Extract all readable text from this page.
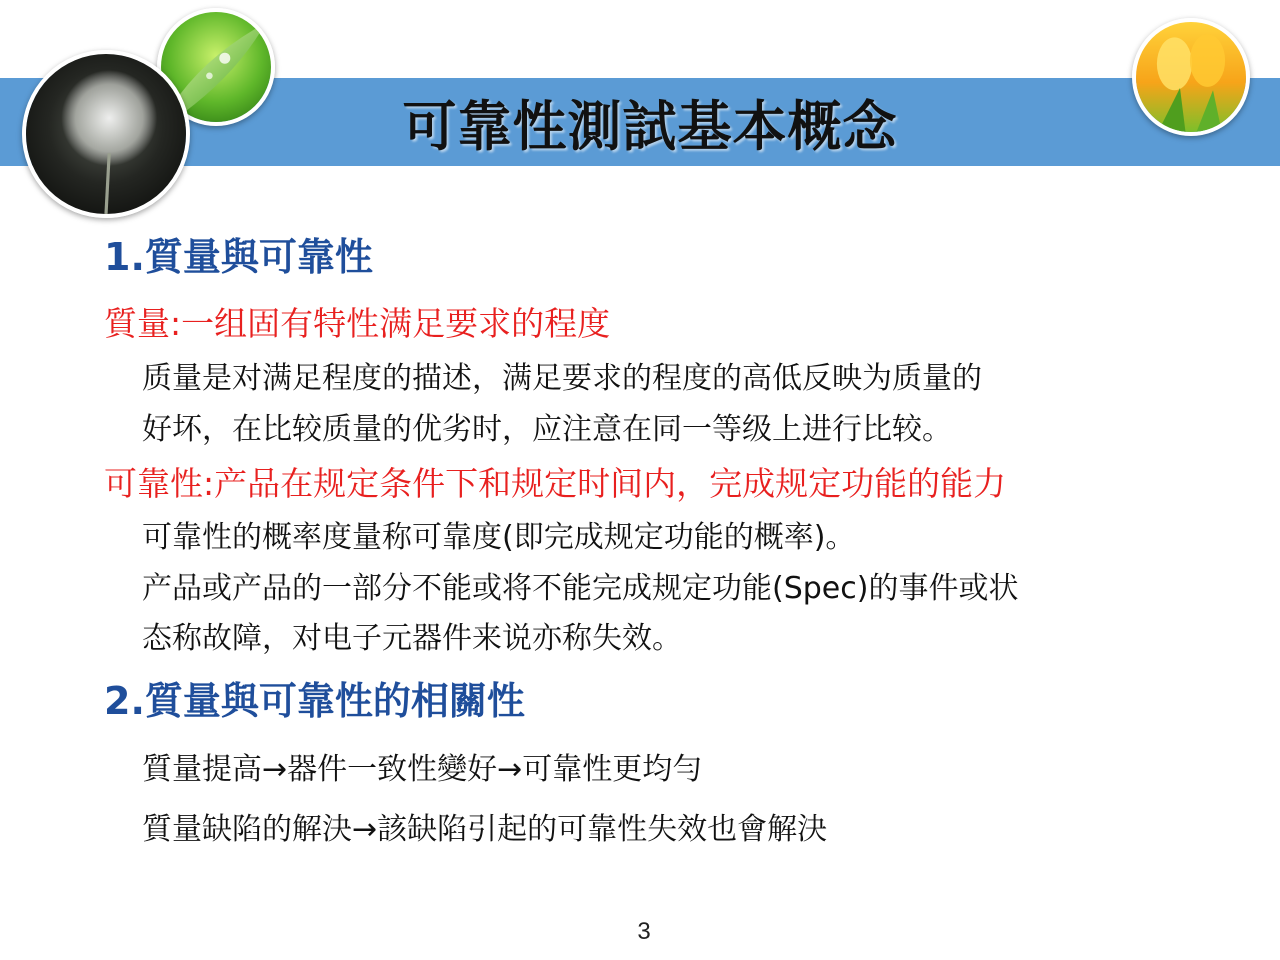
可靠性測試基本概念
1.質量與可靠性
質量:一组固有特性满足要求的程度
质量是对满足程度的描述，满足要求的程度的高低反映为质量的
好坏，在比较质量的优劣时，应注意在同一等级上进行比较。
可靠性:产品在规定条件下和规定时间内，完成规定功能的能力
可靠性的概率度量称可靠度(即完成规定功能的概率)。
产品或产品的一部分不能或将不能完成规定功能(Spec)的事件或状
态称故障，对电子元器件来说亦称失效。
2.質量與可靠性的相關性
質量提高→器件一致性變好→可靠性更均勻
質量缺陷的解決→該缺陷引起的可靠性失效也會解決
3
